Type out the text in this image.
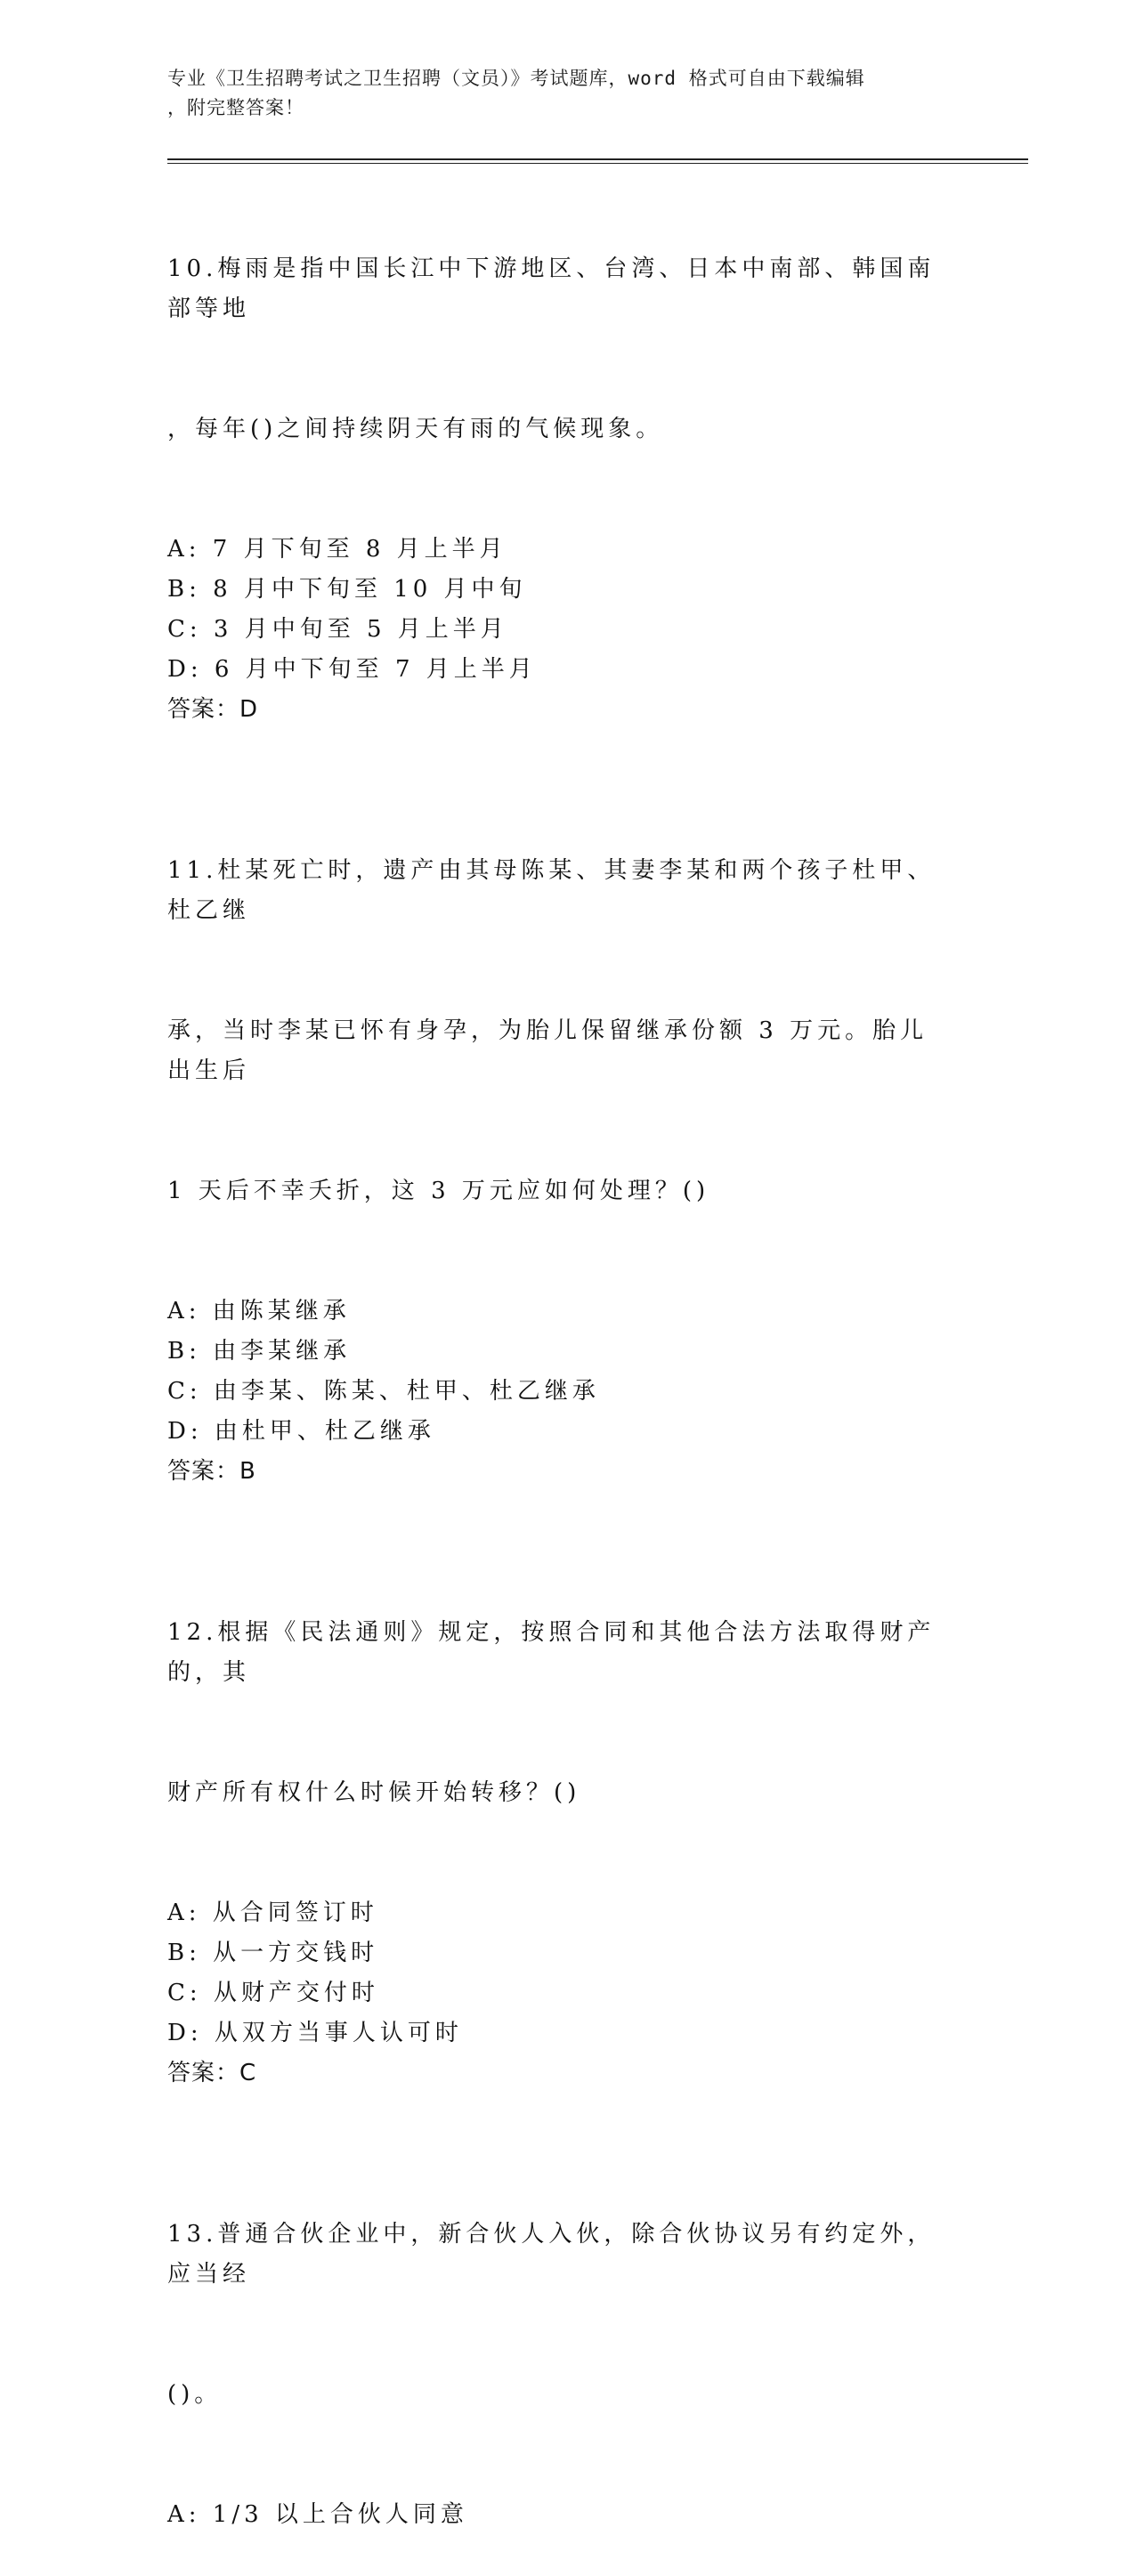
专业《卫生招聘考试之卫生招聘（文员）》考试题库，word 格式可自由下载编辑
，附完整答案！

10.梅雨是指中国长江中下游地区、台湾、日本中南部、韩国南部等地

，每年()之间持续阴天有雨的气候现象。

A: 7 月下旬至 8 月上半月
B: 8 月中下旬至 10 月中旬
C: 3 月中旬至 5 月上半月
D: 6 月中下旬至 7 月上半月
答案：D

11.杜某死亡时，遗产由其母陈某、其妻李某和两个孩子杜甲、杜乙继

承，当时李某已怀有身孕，为胎儿保留继承份额 3 万元。胎儿出生后

1 天后不幸夭折，这 3 万元应如何处理？()

A: 由陈某继承
B: 由李某继承
C: 由李某、陈某、杜甲、杜乙继承
D: 由杜甲、杜乙继承
答案：B

12.根据《民法通则》规定，按照合同和其他合法方法取得财产的，其

财产所有权什么时候开始转移？()

A: 从合同签订时
B: 从一方交钱时
C: 从财产交付时
D: 从双方当事人认可时
答案：C

13.普通合伙企业中，新合伙人入伙，除合伙协议另有约定外，应当经

()。

A: 1/3 以上合伙人同意
